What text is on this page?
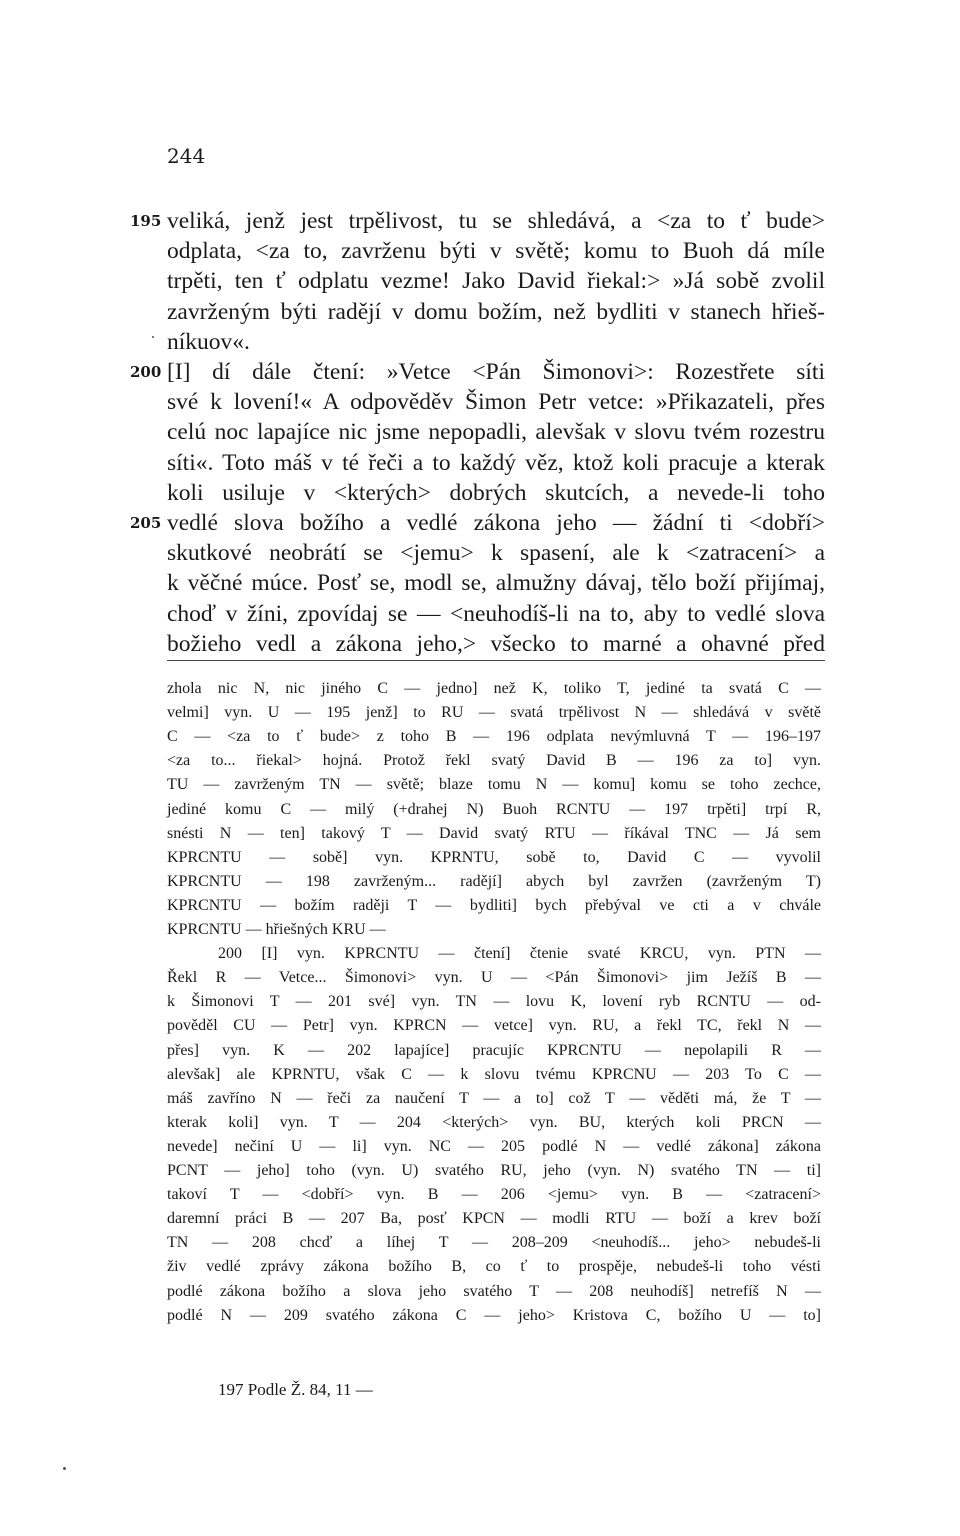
244
195 veliká, jenž jest trpělivost, tu se shledává, a <za to ť bude>
odplata, <za to, zavrženu býti v světě; komu to Buoh dá míle
trpěti, ten ť odplatu vezme! Jako David řiekal:> »Já sobě zvolil
zavrženým býti radějí v domu božím, než bydliti v stanech hřieš-
níkuov«.
200 [I] dí dále čtení: »Vetce <Pán Šimonovi>: Rozestřete síti
své k lovení!« A odpověděv Šimon Petr vetce: »Přikazateli, přes
celú noc lapajíce nic jsme nepopadli, alevšak v slovu tvém rozestru
síti«. Toto máš v té řeči a to každý věz, ktož koli pracuje a kterak
koli usiluje v <kterých> dobrých skutcích, a nevede-li toho
205 vedlé slova božího a vedlé zákona jeho — žádní ti <dobří>
skutkové neobrátí se <jemu> k spasení, ale k <zatracení> a
k věčné múce. Posť se, modl se, almužny dávaj, tělo boží přijímaj,
choď v žíni, zpovídaj se — <neuhodíš-li na to, aby to vedlé slova
božieho vedl a zákona jeho,> všecko to marné a ohavné před
zhola nic N, nic jiného C — jedno] než K, toliko T, jediné ta svatá C —
velmi] vyn. U — 195 jenž] to RU — svatá trpělivost N — shledává v světě
C — <za to ť bude> z toho B — 196 odplata nevýmluvná T — 196–197
<za to... řiekal> hojná. Protož řekl svatý David B — 196 za to] vyn.
TU — zavrženým TN — světě; blaze tomu N — komu] komu se toho zechce,
jediné komu C — milý (+drahej N) Buoh RCNTU — 197 trpěti] trpí R,
snésti N — ten] takový T — David svatý RTU — říkával TNC — Já sem
KPRCNTU — sobě] vyn. KPRNTU, sobě to, David C — vyvolil
KPRCNTU — 198 zavrženým... radějí] abych byl zavržen (zavrženým T)
KPRCNTU — božím raději T — bydliti] bych přebýval ve cti a v chvále
KPRCNTU — hřiešných KRU —
200 [I] vyn. KPRCNTU — čtení] čtenie svaté KRCU, vyn. PTN —
Řekl R — Vetce... Šimonovi> vyn. U — <Pán Šimonovi> jim Ježíš B —
k Šimonovi T — 201 své] vyn. TN — lovu K, lovení ryb RCNTU — od-
pověděl CU — Petr] vyn. KPRCN — vetce] vyn. RU, a řekl TC, řekl N —
přes] vyn. K — 202 lapajíce] pracujíc KPRCNTU — nepolapili R —
alevšak] ale KPRNTU, však C — k slovu tvému KPRCNU — 203 To C —
máš zavříno N — řeči za naučení T — a to] což T — věděti má, že T —
kterak koli] vyn. T — 204 <kterých> vyn. BU, kterých koli PRCN —
nevede] nečiní U — li] vyn. NC — 205 podlé N — vedlé zákona] zákona
PCNT — jeho] toho (vyn. U) svatého RU, jeho (vyn. N) svatého TN — ti]
takoví T — <dobří> vyn. B — 206 <jemu> vyn. B — <zatracení>
daremní práci B — 207 Ba, posť KPCN — modli RTU — boží a krev boží
TN — 208 chcď a líhej T — 208–209 <neuhodíš... jeho> nebudeš-li
živ vedlé zprávy zákona božího B, co ť to prospěje, nebudeš-li toho vésti
podlé zákona božího a slova jeho svatého T — 208 neuhodíš] netrefíš N —
podlé N — 209 svatého zákona C — jeho> Kristova C, božího U — to]
197 Podle Ž. 84, 11 —
